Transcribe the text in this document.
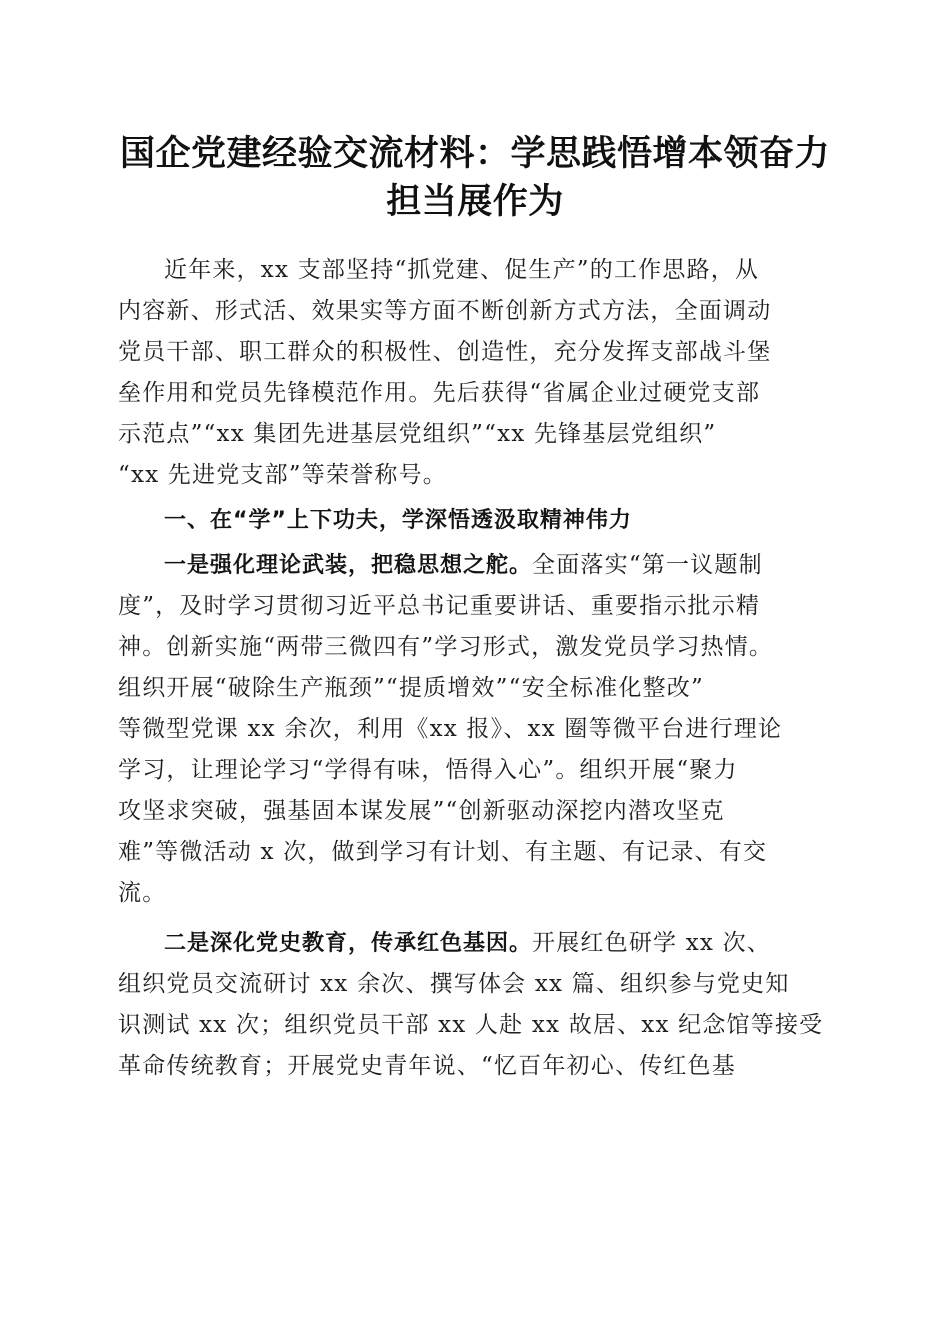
国企党建经验交流材料：学思践悟增本领奋力
担当展作为
近年来，xx 支部坚持“抓党建、促生产”的工作思路，从
内容新、形式活、效果实等方面不断创新方式方法，全面调动
党员干部、职工群众的积极性、创造性，充分发挥支部战斗堡
垒作用和党员先锋模范作用。先后获得“省属企业过硬党支部
示范点”“xx 集团先进基层党组织”“xx 先锋基层党组织”
“xx 先进党支部”等荣誉称号。
一、在“学”上下功夫，学深悟透汲取精神伟力
一是强化理论武装，把稳思想之舵。全面落实“第一议题制
度”，及时学习贯彻习近平总书记重要讲话、重要指示批示精
神。创新实施“两带三微四有”学习形式，激发党员学习热情。
组织开展“破除生产瓶颈”“提质增效”“安全标准化整改”
等微型党课 xx 余次，利用《xx 报》、xx 圈等微平台进行理论
学习，让理论学习“学得有味，悟得入心”。组织开展“聚力
攻坚求突破，强基固本谋发展”“创新驱动深挖内潜攻坚克
难”等微活动 x 次，做到学习有计划、有主题、有记录、有交
流。
二是深化党史教育，传承红色基因。开展红色研学 xx 次、
组织党员交流研讨 xx 余次、撰写体会 xx 篇、组织参与党史知
识测试 xx 次；组织党员干部 xx 人赴 xx 故居、xx 纪念馆等接受
革命传统教育；开展党史青年说、“忆百年初心、传红色基
